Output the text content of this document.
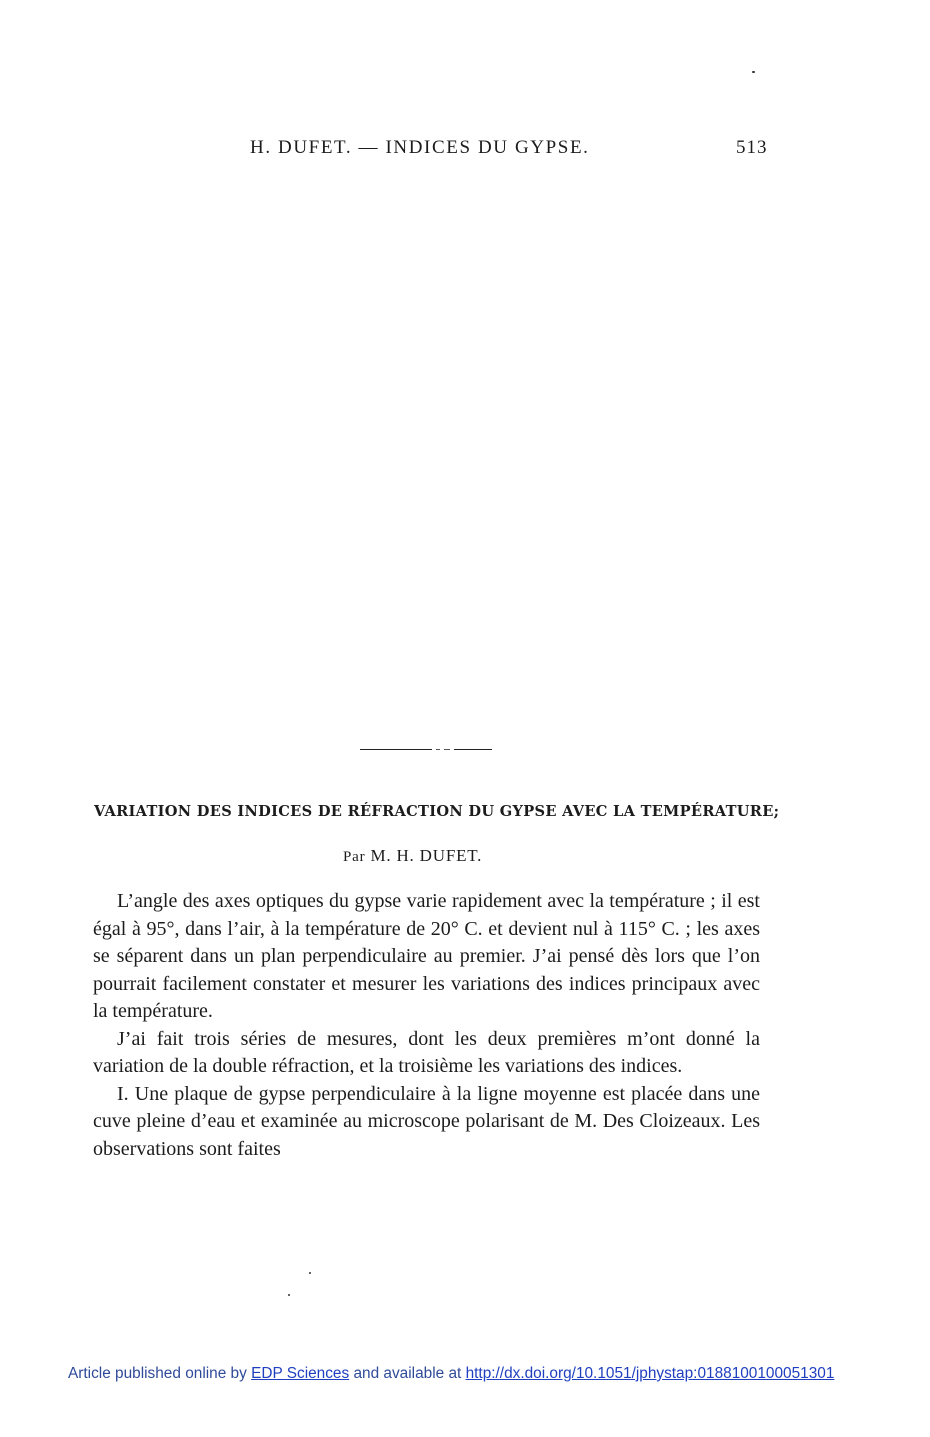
H. DUFET. — INDICES DU GYPSE.	513
VARIATION DES INDICES DE RÉFRACTION DU GYPSE AVEC LA TEMPÉRATURE;
Par M. H. DUFET.

L’angle des axes optiques du gypse varie rapidement avec la température ; il est égal à 95°, dans l’air, à la température de 20° C. et devient nul à 115° C. ; les axes se séparent dans un plan perpendiculaire au premier. J’ai pensé dès lors que l’on pourrait facilement constater et mesurer les variations des indices principaux avec la température.

J’ai fait trois séries de mesures, dont les deux premières m’ont donné la variation de la double réfraction, et la troisième les variations des indices.

I. Une plaque de gypse perpendiculaire à la ligne moyenne est placée dans une cuve pleine d’eau et examinée au microscope polarisant de M. Des Cloizeaux. Les observations sont faites

Article published online by EDP Sciences and available at http://dx.doi.org/10.1051/jphystap:0188100100051301
